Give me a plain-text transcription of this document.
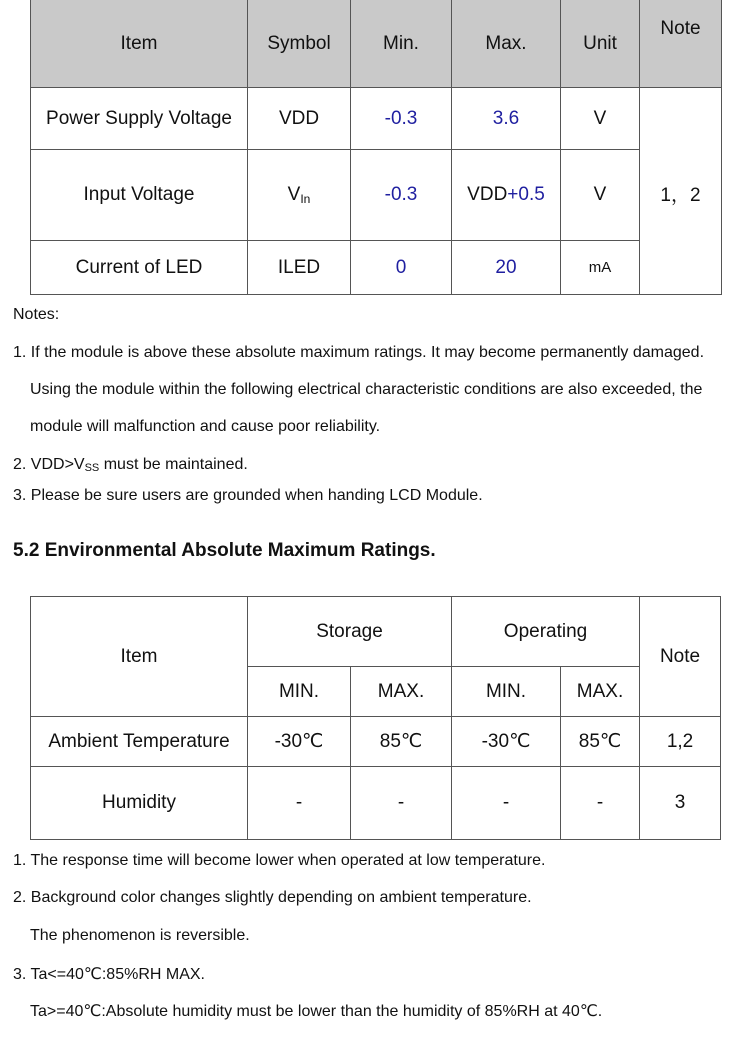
Item	Symbol	Min.	Max.	Unit	Note
Power Supply Voltage	VDD	-0.3	3.6	V	1，2
Input Voltage	$V_{In}$	-0.3	VDD+0.5	V	
Current of LED	ILED	0	20	mA	
Notes:
1. If the module is above these absolute maximum ratings. It may become permanently damaged.
Using the module within the following electrical characteristic conditions are also exceeded, the
module will malfunction and cause poor reliability.
2. VDD>VSS must be maintained.
3. Please be sure users are grounded when handing LCD Module.
5.2 Environmental Absolute Maximum Ratings.
Item	Storage		Operating		Note
	MIN.	MAX.	MIN.	MAX.	
Ambient Temperature	-30℃	85℃	-30℃	85℃	1,2
Humidity	-	-	-	-	3
1. The response time will become lower when operated at low temperature.
2. Background color changes slightly depending on ambient temperature.
The phenomenon is reversible.
3. Ta<=40℃:85%RH MAX.
Ta>=40℃:Absolute humidity must be lower than the humidity of 85%RH at 40℃.
